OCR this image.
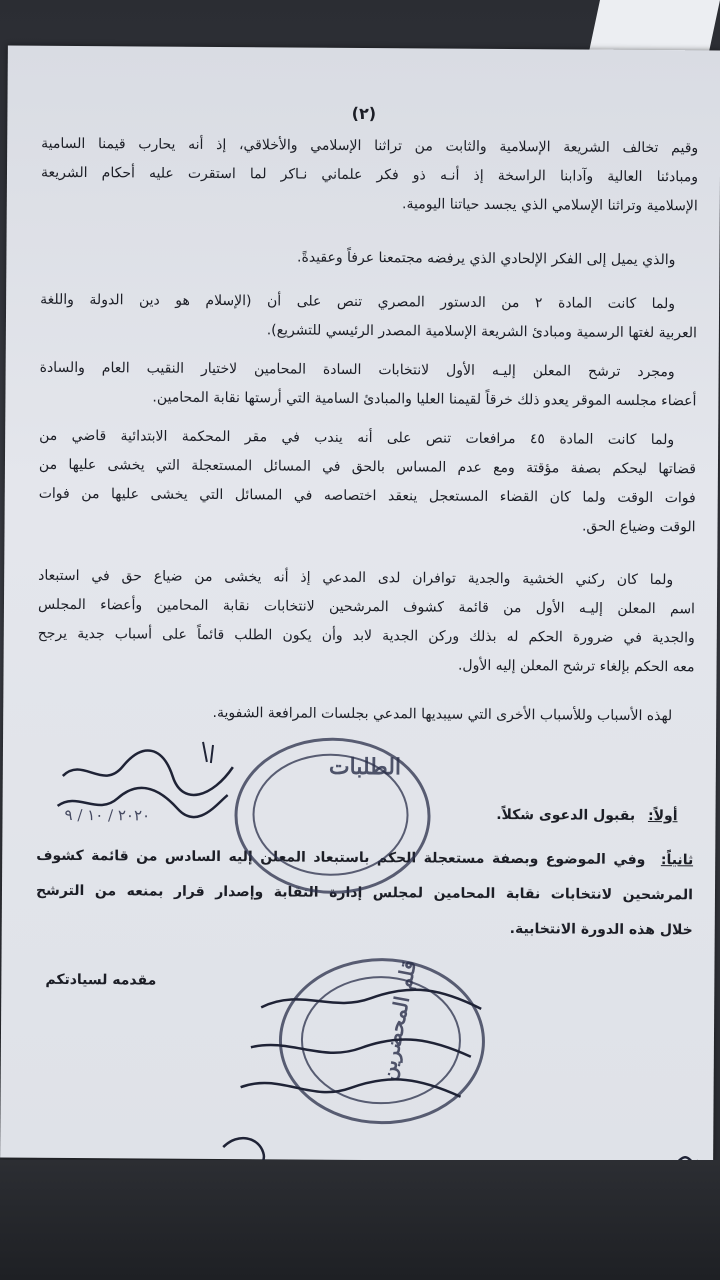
(٢)
وقيم تخالف الشريعة الإسلامية والثابت من تراثنا الإسلامي والأخلاقي، إذ أنه يحارب قيمنا السامية
ومبادئنا العالية وآدابنا الراسخة إذ أنـه ذو فكر علماني نـاكر لما استقرت عليه أحكام الشريعة
الإسلامية وتراثنا الإسلامي الذي يجسد حياتنا اليومية.
والذي يميل إلى الفكر الإلحادي الذي يرفضه مجتمعنا عرفاً وعقيدةً.
ولما كانت المادة ٢ من الدستور المصري تنص على أن (الإسلام هو دين الدولة واللغة
العربية لغتها الرسمية ومبادئ الشريعة الإسلامية المصدر الرئيسي للتشريع).
ومجرد ترشح المعلن إليـه الأول لانتخابات السادة المحامين لاختيار النقيب العام والسادة
أعضاء مجلسه الموقر يعدو ذلك خرقاً لقيمنا العليا والمبادئ السامية التي أرستها نقابة المحامين.
ولما كانت المادة ٤٥ مرافعات تنص على أنه يندب في مقر المحكمة الابتدائية قاضي من
قضاتها ليحكم بصفة مؤقتة ومع عدم المساس بالحق في المسائل المستعجلة التي يخشى عليها من
فوات الوقت ولما كان القضاء المستعجل ينعقد اختصاصه في المسائل التي يخشى عليها من فوات
الوقت وضياع الحق.
ولما كان ركني الخشية والجدية توافران لدى المدعي إذ أنه يخشى من ضياع حق في استبعاد
اسم المعلن إليـه الأول من قائمة كشوف المرشحين لانتخابات نقابة المحامين وأعضاء المجلس
والجدية في ضرورة الحكم له بذلك وركن الجدية لابد وأن يكون الطلب قائماً على أسباب جدية يرجح
معه الحكم بإلغاء ترشح المعلن إليه الأول.
لهذه الأسباب وللأسباب الأخرى التي سيبديها المدعي بجلسات المرافعة الشفوية.
أولاً: بقبول الدعوى شكلاً.
ثانياً: وفي الموضوع وبصفة مستعجلة الحكم باستبعاد المعلن إليه السادس من قائمة كشوف
المرشحين لانتخابات نقابة المحامين لمجلس إدارة النقابة وإصدار قرار بمنعه من الترشح
خلال هذه الدورة الانتخابية.
مقدمه لسيادتكم
الطلبات
قلم المحضرين
٢٠٢٠ / ١٠ / ٩
